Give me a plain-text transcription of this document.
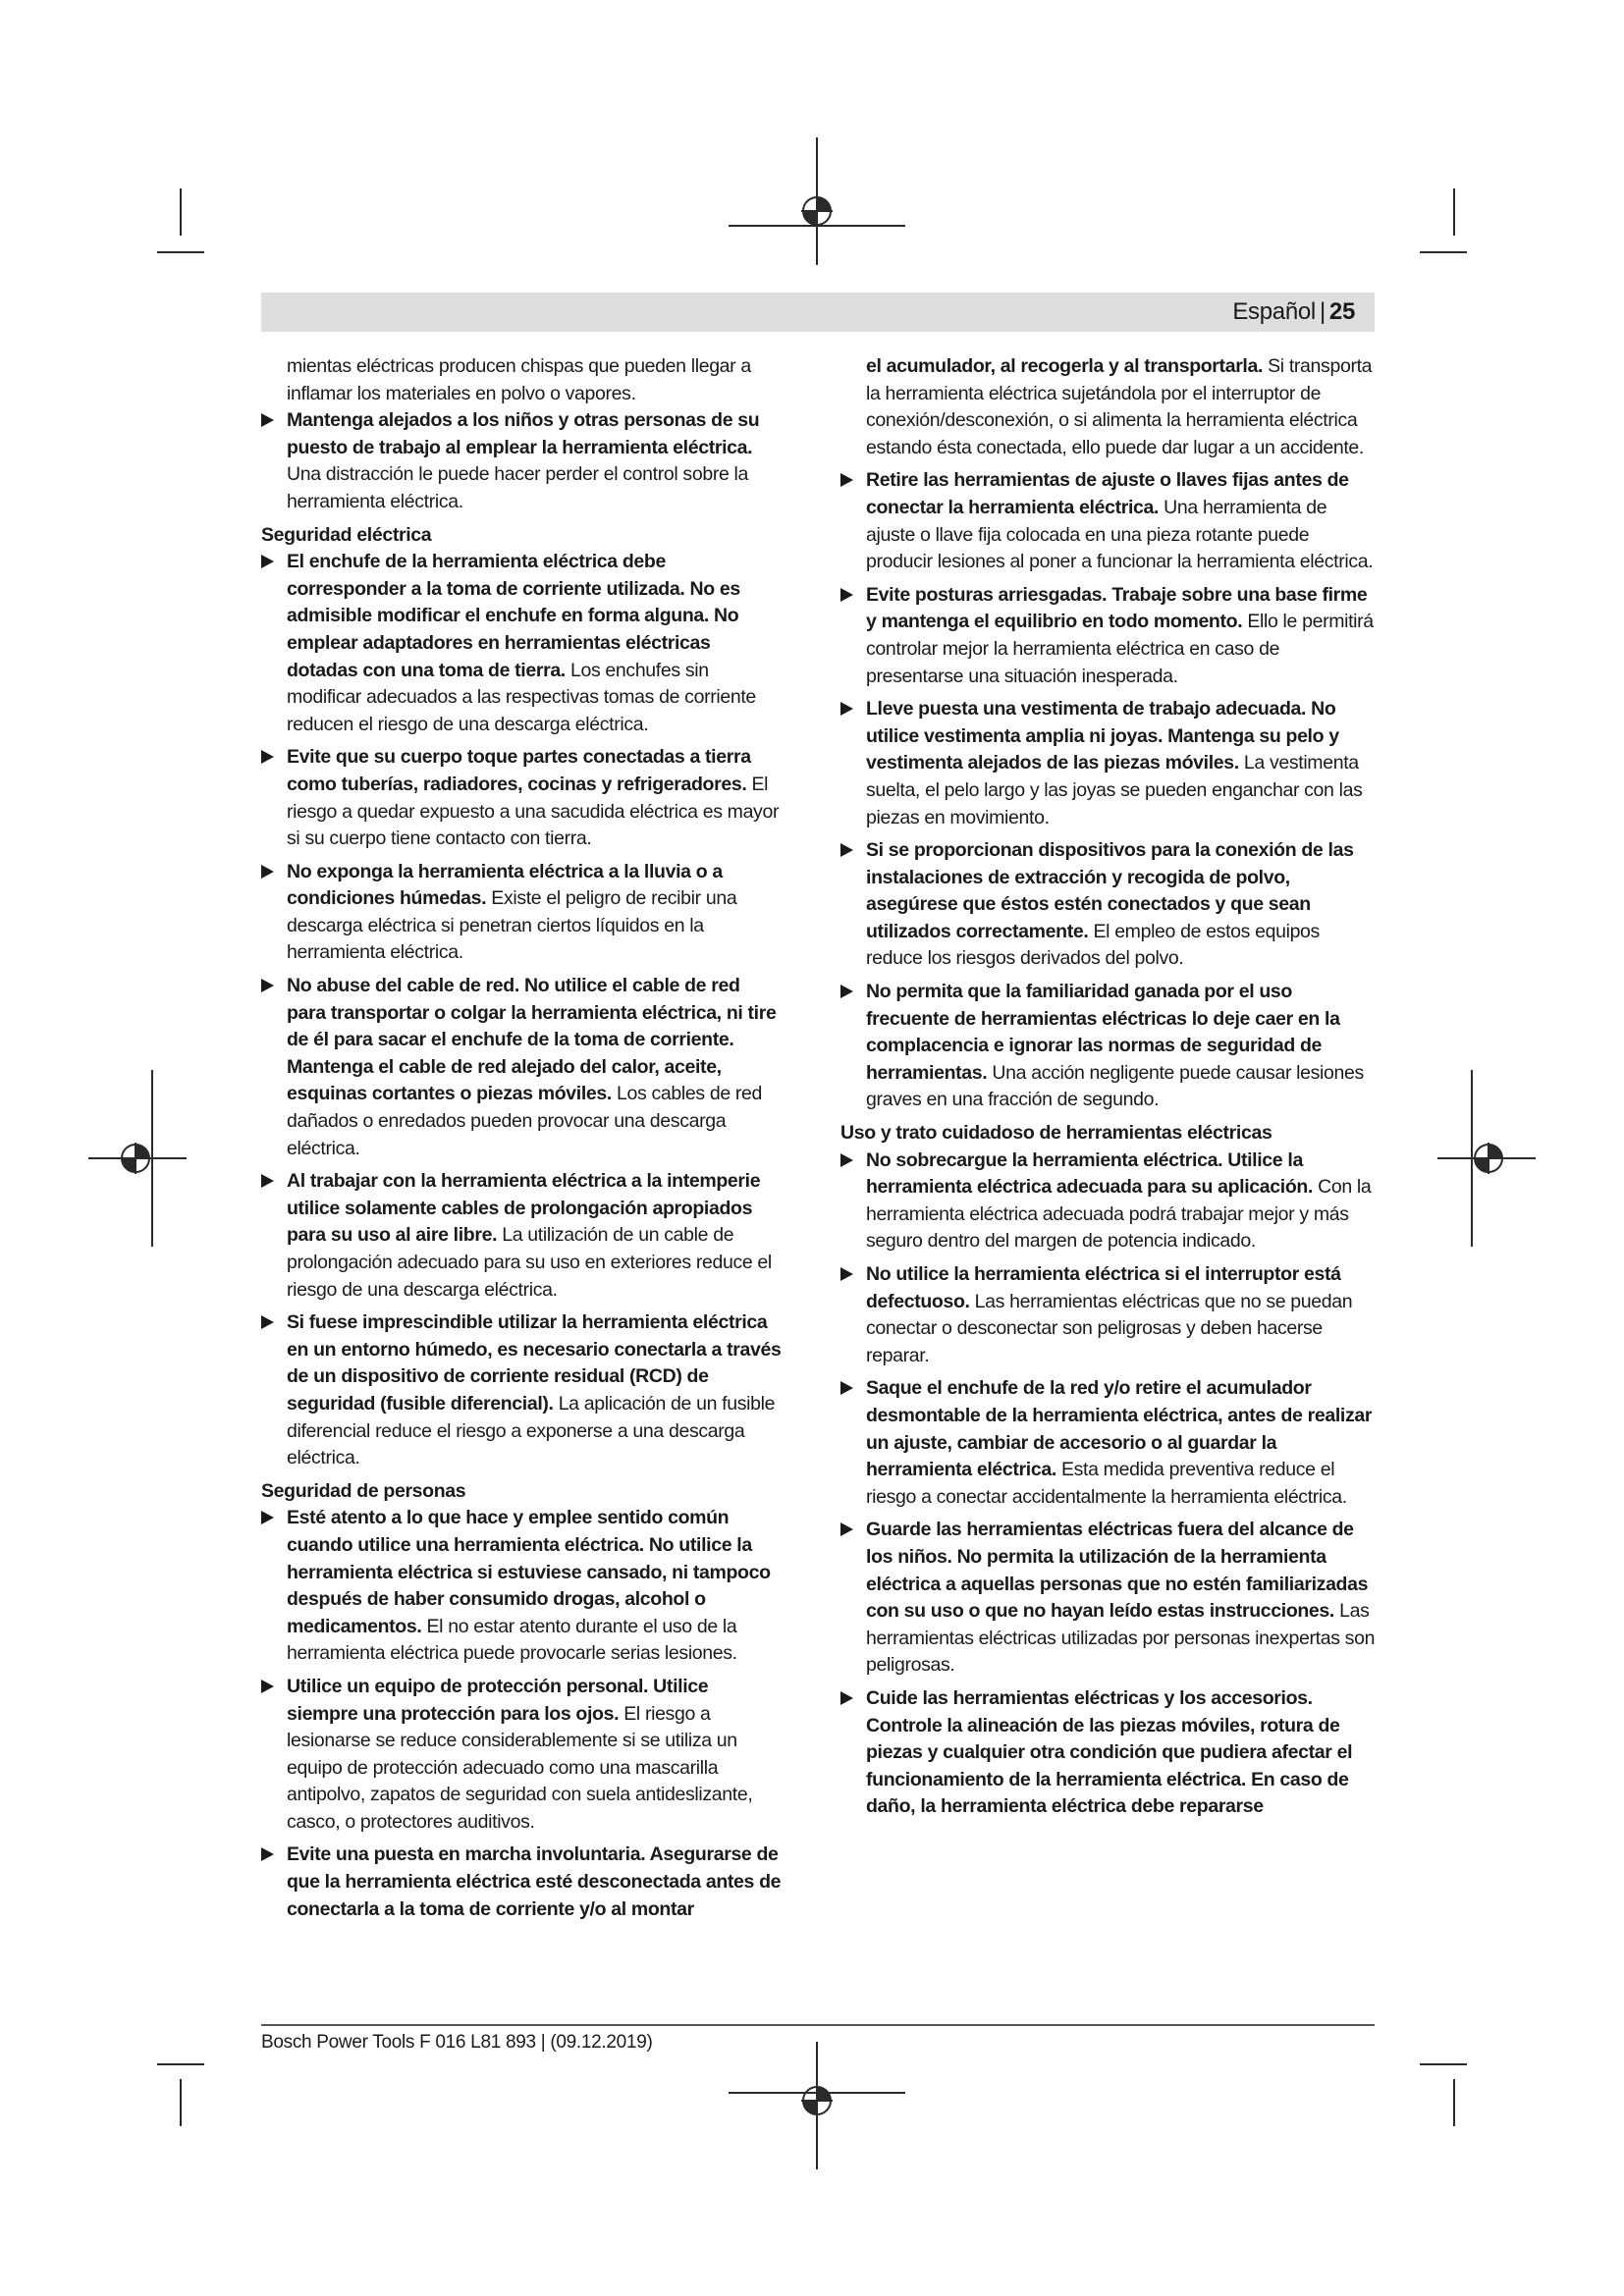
Español | 25

mientas eléctricas producen chispas que pueden llegar a inflamar los materiales en polvo o vapores.

Mantenga alejados a los niños y otras personas de su puesto de trabajo al emplear la herramienta eléctrica. Una distracción le puede hacer perder el control sobre la herramienta eléctrica.

Seguridad eléctrica

El enchufe de la herramienta eléctrica debe corresponder a la toma de corriente utilizada. No es admisible modificar el enchufe en forma alguna. No emplear adaptadores en herramientas eléctricas dotadas con una toma de tierra. Los enchufes sin modificar adecuados a las respectivas tomas de corriente reducen el riesgo de una descarga eléctrica.
Evite que su cuerpo toque partes conectadas a tierra como tuberías, radiadores, cocinas y refrigeradores. El riesgo a quedar expuesto a una sacudida eléctrica es mayor si su cuerpo tiene contacto con tierra.
No exponga la herramienta eléctrica a la lluvia o a condiciones húmedas. Existe el peligro de recibir una descarga eléctrica si penetran ciertos líquidos en la herramienta eléctrica.
No abuse del cable de red. No utilice el cable de red para transportar o colgar la herramienta eléctrica, ni tire de él para sacar el enchufe de la toma de corriente. Mantenga el cable de red alejado del calor, aceite, esquinas cortantes o piezas móviles. Los cables de red dañados o enredados pueden provocar una descarga eléctrica.
Al trabajar con la herramienta eléctrica a la intemperie utilice solamente cables de prolongación apropiados para su uso al aire libre. La utilización de un cable de prolongación adecuado para su uso en exteriores reduce el riesgo de una descarga eléctrica.
Si fuese imprescindible utilizar la herramienta eléctrica en un entorno húmedo, es necesario conectarla a través de un dispositivo de corriente residual (RCD) de seguridad (fusible diferencial). La aplicación de un fusible diferencial reduce el riesgo a exponerse a una descarga eléctrica.

Seguridad de personas

Esté atento a lo que hace y emplee sentido común cuando utilice una herramienta eléctrica. No utilice la herramienta eléctrica si estuviese cansado, ni tampoco después de haber consumido drogas, alcohol o medicamentos. El no estar atento durante el uso de la herramienta eléctrica puede provocarle serias lesiones.
Utilice un equipo de protección personal. Utilice siempre una protección para los ojos. El riesgo a lesionarse se reduce considerablemente si se utiliza un equipo de protección adecuado como una mascarilla antipolvo, zapatos de seguridad con suela antideslizante, casco, o protectores auditivos.
Evite una puesta en marcha involuntaria. Asegurarse de que la herramienta eléctrica esté desconectada antes de conectarla a la toma de corriente y/o al montar

el acumulador, al recogerla y al transportarla. Si transporta la herramienta eléctrica sujetándola por el interruptor de conexión/desconexión, o si alimenta la herramienta eléctrica estando ésta conectada, ello puede dar lugar a un accidente.

Retire las herramientas de ajuste o llaves fijas antes de conectar la herramienta eléctrica. Una herramienta de ajuste o llave fija colocada en una pieza rotante puede producir lesiones al poner a funcionar la herramienta eléctrica.
Evite posturas arriesgadas. Trabaje sobre una base firme y mantenga el equilibrio en todo momento. Ello le permitirá controlar mejor la herramienta eléctrica en caso de presentarse una situación inesperada.
Lleve puesta una vestimenta de trabajo adecuada. No utilice vestimenta amplia ni joyas. Mantenga su pelo y vestimenta alejados de las piezas móviles. La vestimenta suelta, el pelo largo y las joyas se pueden enganchar con las piezas en movimiento.
Si se proporcionan dispositivos para la conexión de las instalaciones de extracción y recogida de polvo, asegúrese que éstos estén conectados y que sean utilizados correctamente. El empleo de estos equipos reduce los riesgos derivados del polvo.
No permita que la familiaridad ganada por el uso frecuente de herramientas eléctricas lo deje caer en la complacencia e ignorar las normas de seguridad de herramientas. Una acción negligente puede causar lesiones graves en una fracción de segundo.

Uso y trato cuidadoso de herramientas eléctricas

No sobrecargue la herramienta eléctrica. Utilice la herramienta eléctrica adecuada para su aplicación. Con la herramienta eléctrica adecuada podrá trabajar mejor y más seguro dentro del margen de potencia indicado.
No utilice la herramienta eléctrica si el interruptor está defectuoso. Las herramientas eléctricas que no se puedan conectar o desconectar son peligrosas y deben hacerse reparar.
Saque el enchufe de la red y/o retire el acumulador desmontable de la herramienta eléctrica, antes de realizar un ajuste, cambiar de accesorio o al guardar la herramienta eléctrica. Esta medida preventiva reduce el riesgo a conectar accidentalmente la herramienta eléctrica.
Guarde las herramientas eléctricas fuera del alcance de los niños. No permita la utilización de la herramienta eléctrica a aquellas personas que no estén familiarizadas con su uso o que no hayan leído estas instrucciones. Las herramientas eléctricas utilizadas por personas inexpertas son peligrosas.
Cuide las herramientas eléctricas y los accesorios. Controle la alineación de las piezas móviles, rotura de piezas y cualquier otra condición que pudiera afectar el funcionamiento de la herramienta eléctrica. En caso de daño, la herramienta eléctrica debe repararse
Bosch Power Tools F 016 L81 893 | (09.12.2019)
